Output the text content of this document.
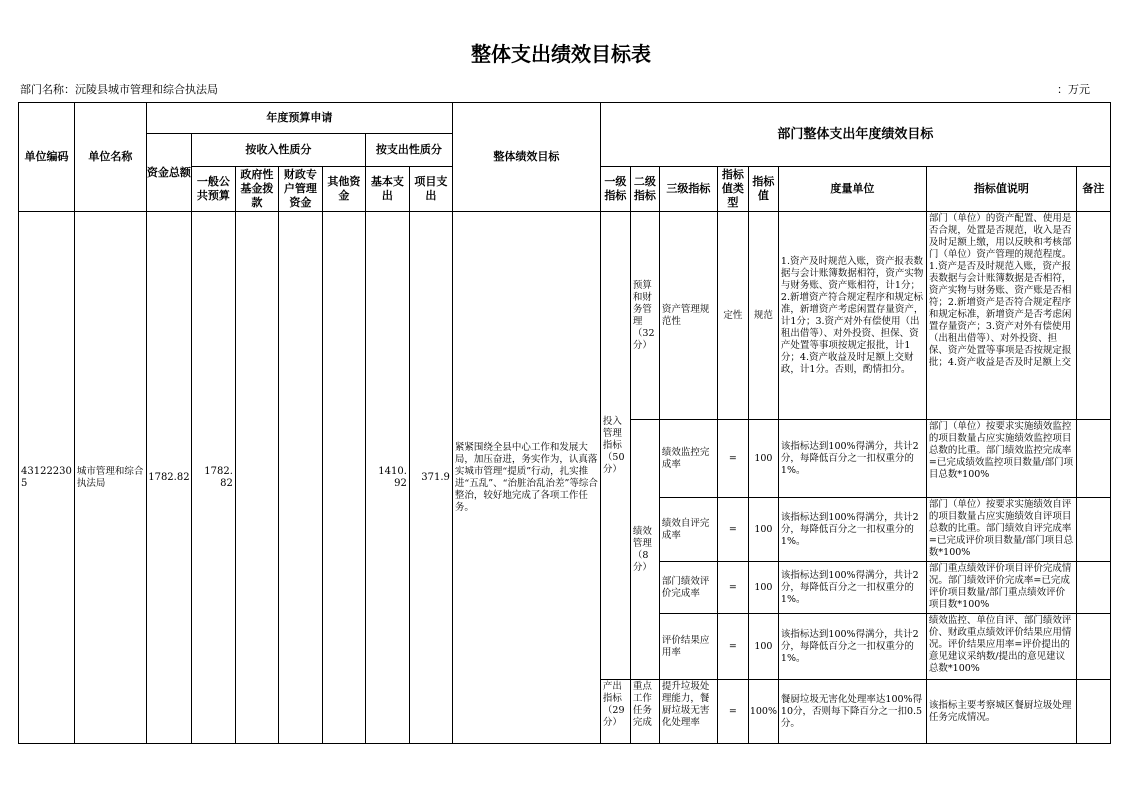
整体支出绩效目标表
部门名称：沅陵县城市管理和综合执法局	：万元
单位编码	单位名称	年度预算申请							整体绩效目标	部门整体支出年度绩效目标							
		资金总额	按收入性质分				按支出性质分										
			一般公共预算	政府性基金拨款	财政专户管理资金	其他资金	基本支出	项目支出		一级指标	二级指标	三级指标	指标值类型	指标值	度量单位	指标值说明	备注

43122230 5	城市管理和综合执法局	1782.82	1782. 82				1410. 92	371.9	紧紧围绕全县中心工作和发展大局，加压奋进，务实作为，认真落实城市管理“提质”行动，扎实推进“五乱”、“治脏治乱治差”等综合整治，较好地完成了各项工作任务。	投入管理指标（50分）	预算和财务管理（32分）	资产管理规范性	定性	规范	1.资产及时规范入账，资产报表数据与会计账簿数据相符，资产实物与财务账、资产账相符，计1分；2.新增资产符合规定程序和规定标准，新增资产考虑闲置存量资产，计1分；3.资产对外有偿使用（出租出借等）、对外投资、担保、资产处置等事项按规定报批，计1分；4.资产收益及时足额上交财政，计1分。否则，酌情扣分。	部门（单位）的资产配置、使用是否合规，处置是否规范，收入是否及时足额上缴，用以反映和考核部门（单位）资产管理的规范程度。1.资产是否及时规范入账，资产报表数据与会计账簿数据是否相符，资产实物与财务账、资产账是否相符；2.新增资产是否符合规定程序和规定标准，新增资产是否考虑闲置存量资产；3.资产对外有偿使用（出租出借等）、对外投资、担保、资产处置等事项是否按规定报批；4.资产收益是否及时足额上交	

											绩效管理（8分）	绩效监控完成率	=	100	该指标达到100%得满分，共计2分，每降低百分之一扣权重分的1%。	部门（单位）按要求实施绩效监控的项目数量占应实施绩效监控项目总数的比重。部门绩效监控完成率=已完成绩效监控项目数量/部门项目总数*100%	

												绩效自评完成率	=	100	该指标达到100%得满分，共计2分，每降低百分之一扣权重分的1%。	部门（单位）按要求实施绩效自评的项目数量占应实施绩效自评项目总数的比重。部门绩效自评完成率=已完成评价项目数量/部门项目总数*100%	

												部门绩效评价完成率	=	100	该指标达到100%得满分，共计2分，每降低百分之一扣权重分的1%。	部门重点绩效评价项目评价完成情况。部门绩效评价完成率=已完成评价项目数量/部门重点绩效评价项目数*100%	

												评价结果应用率	=	100	该指标达到100%得满分，共计2分，每降低百分之一扣权重分的1%。	绩效监控、单位自评、部门绩效评价、财政重点绩效评价结果应用情况。评价结果应用率=评价提出的意见建议采纳数/提出的意见建议总数*100%	

										产出指标（29分）	重点工作任务完成	提升垃圾处理能力，餐厨垃圾无害化处理率	=	100%	餐厨垃圾无害化处理率达100%得10分，否则每下降百分之一扣0.5分。	该指标主要考察城区餐厨垃圾处理任务完成情况。	
